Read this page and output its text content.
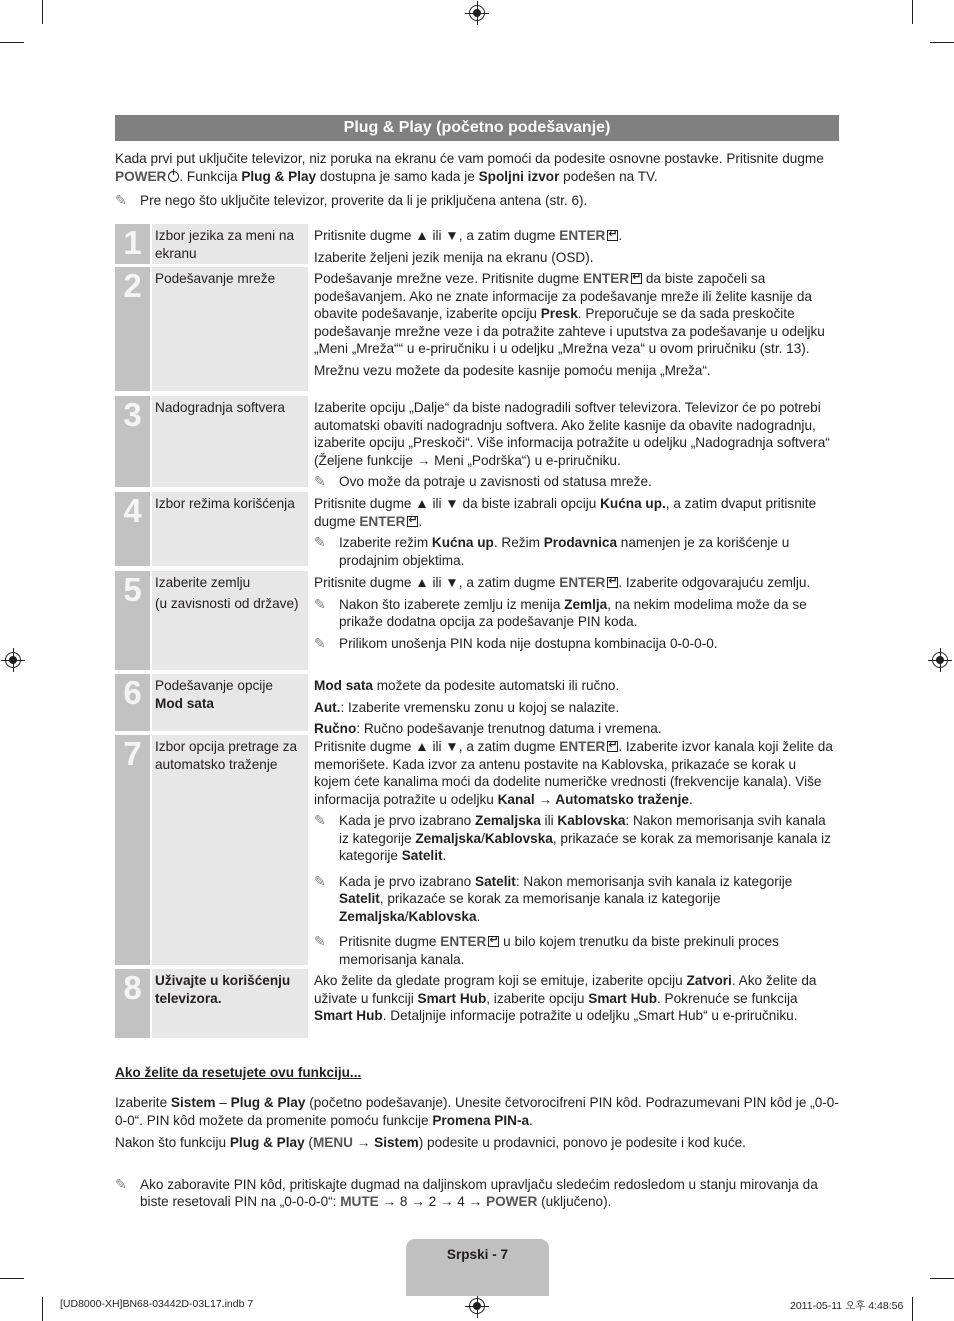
Plug & Play (početno podešavanje)
Kada prvi put uključite televizor, niz poruka na ekranu će vam pomoći da podesite osnovne postavke. Pritisnite dugme POWER . Funkcija Plug & Play dostupna je samo kada je Spoljni izvor podešen na TV.
✎ Pre nego što uključite televizor, proverite da li je priključena antena (str. 6).
1 Izbor jezika za meni na ekranu

Pritisnite dugme ▲ ili ▼, a zatim dugme ENTER ↵ .

Izaberite željeni jezik menija na ekranu (OSD).

2 Podešavanje mreže	Podešavanje mrežne veze. Pritisnite dugme ENTER↵ da biste započeli sa podešavanjem. Ako ne znate informacije za podešavanje mreže ili želite kasnije da obavite podešavanje, izaberite opciju Presk. Preporučuje se da sada preskočite podešavanje mrežne veze i da potražite zahteve i uputstva za podešavanje u odeljku „Meni „Mreža““ u e-priručniku i u odeljku „Mrežna veza“ u ovom priručniku (str. 13).

Mrežnu vezu možete da podesite kasnije pomoću menija „Mreža“.

3 Nadogradnja softvera	Izaberite opciju „Dalje“ da biste nadogradili softver televizora. Televizor će po potrebi automatski obaviti nadogradnju softvera. Ako želite kasnije da obavite nadogradnju, izaberite opciju „Preskoči“. Više informacija potražite u odeljku „Nadogradnja softvera“ (Željene funkcije → Meni „Podrška“) u e-priručniku.

✎ Ovo može da potraje u zavisnosti od statusa mreže.
4 Izbor režima korišćenja	Pritisnite dugme ▲ ili ▼ da biste izabrali opciju Kućna up., a zatim dvaput pritisnite dugme ENTER ↵ .

✎ Izaberite režim Kućna up. Režim Prodavnica namenjen je za korišćenje u prodajnim objektima.
5 Izaberite zemlju
(u zavisnosti od države)

Pritisnite dugme ▲ ili ▼, a zatim dugme ENTER ↵ . Izaberite odgovarajuću zemlju.

✎ Nakon što izaberete zemlju iz menija Zemlja, na nekim modelima može da se prikaže dodatna opcija za podešavanje PIN koda.
✎ Prilikom unošenja PIN koda nije dostupna kombinacija 0-0-0-0.
6 Podešavanje opcije
Mod sata

Mod sata možete da podesite automatski ili ručno.

Aut.: Izaberite vremensku zonu u kojoj se nalazite.

Ručno: Ručno podešavanje trenutnog datuma i vremena.

7 Izbor opcija pretrage za automatsko traženje

Pritisnite dugme ▲ ili ▼, a zatim dugme ENTER ↵ . Izaberite izvor kanala koji želite da memorišete. Kada izvor za antenu postavite na Kablovska, prikazaće se korak u kojem ćete kanalima moći da dodelite numeričke vrednosti (frekvencije kanala). Više informacija potražite u odeljku Kanal → Automatsko traženje.

✎ Kada je prvo izabrano Zemaljska ili Kablovska: Nakon memorisanja svih kanala iz kategorije Zemaljska/Kablovska, prikazaće se korak za memorisanje kanala iz kategorije Satelit.
✎ Kada je prvo izabrano Satelit: Nakon memorisanja svih kanala iz kategorije Satelit, prikazaće se korak za memorisanje kanala iz kategorije Zemaljska/Kablovska.
✎ Pritisnite dugme ENTER↵ u bilo kojem trenutku da biste prekinuli proces memorisanja kanala.
8 Uživajte u korišćenju televizora.

Ako želite da gledate program koji se emituje, izaberite opciju Zatvori. Ako želite da uživate u funkciji Smart Hub, izaberite opciju Smart Hub. Pokrenuće se funkcija Smart Hub. Detaljnije informacije potražite u odeljku „Smart Hub“ u e-priručniku.

Ako želite da resetujete ovu funkciju...
Izaberite Sistem – Plug & Play (početno podešavanje). Unesite četvorocifreni PIN kôd. Podrazumevani PIN kôd je „0-0-0-0“. PIN kôd možete da promenite pomoću funkcije Promena PIN-a.
Nakon što funkciju Plug & Play (MENU → Sistem) podesite u prodavnici, ponovo je podesite i kod kuće.
✎ Ako zaboravite PIN kôd, pritiskajte dugmad na daljinskom upravljaču sledećim redosledom u stanju mirovanja da biste resetovali PIN na „0-0-0-0“: MUTE → 8 → 2 → 4 → POWER (uključeno).
Srpski - 7
[UD8000-XH]BN68-03442D-03L17.indb 7	2011-05-11 오후 4:48:56
